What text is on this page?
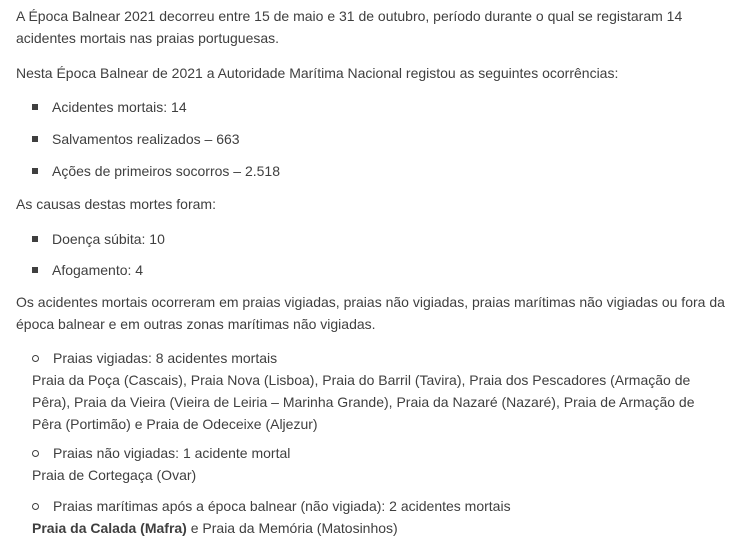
A Época Balnear 2021 decorreu entre 15 de maio e 31 de outubro, período durante o qual se registaram 14 acidentes mortais nas praias portuguesas.

Nesta Época Balnear de 2021 a Autoridade Marítima Nacional registou as seguintes ocorrências:

Acidentes mortais: 14
Salvamentos realizados – 663
Ações de primeiros socorros – 2.518

As causas destas mortes foram:

Doença súbita: 10
Afogamento: 4

Os acidentes mortais ocorreram em praias vigiadas, praias não vigiadas, praias marítimas não vigiadas ou fora da época balnear e em outras zonas marítimas não vigiadas.

Praias vigiadas: 8 acidentes mortais
Praia da Poça (Cascais), Praia Nova (Lisboa), Praia do Barril (Tavira), Praia dos Pescadores (Armação de Pêra), Praia da Vieira (Vieira de Leiria – Marinha Grande), Praia da Nazaré (Nazaré), Praia de Armação de Pêra (Portimão) e Praia de Odeceixe (Aljezur)
Praias não vigiadas: 1 acidente mortal
Praia de Cortegaça (Ovar)
Praias marítimas após a época balnear (não vigiada): 2 acidentes mortais
Praia da Calada (Mafra) e Praia da Memória (Matosinhos)
